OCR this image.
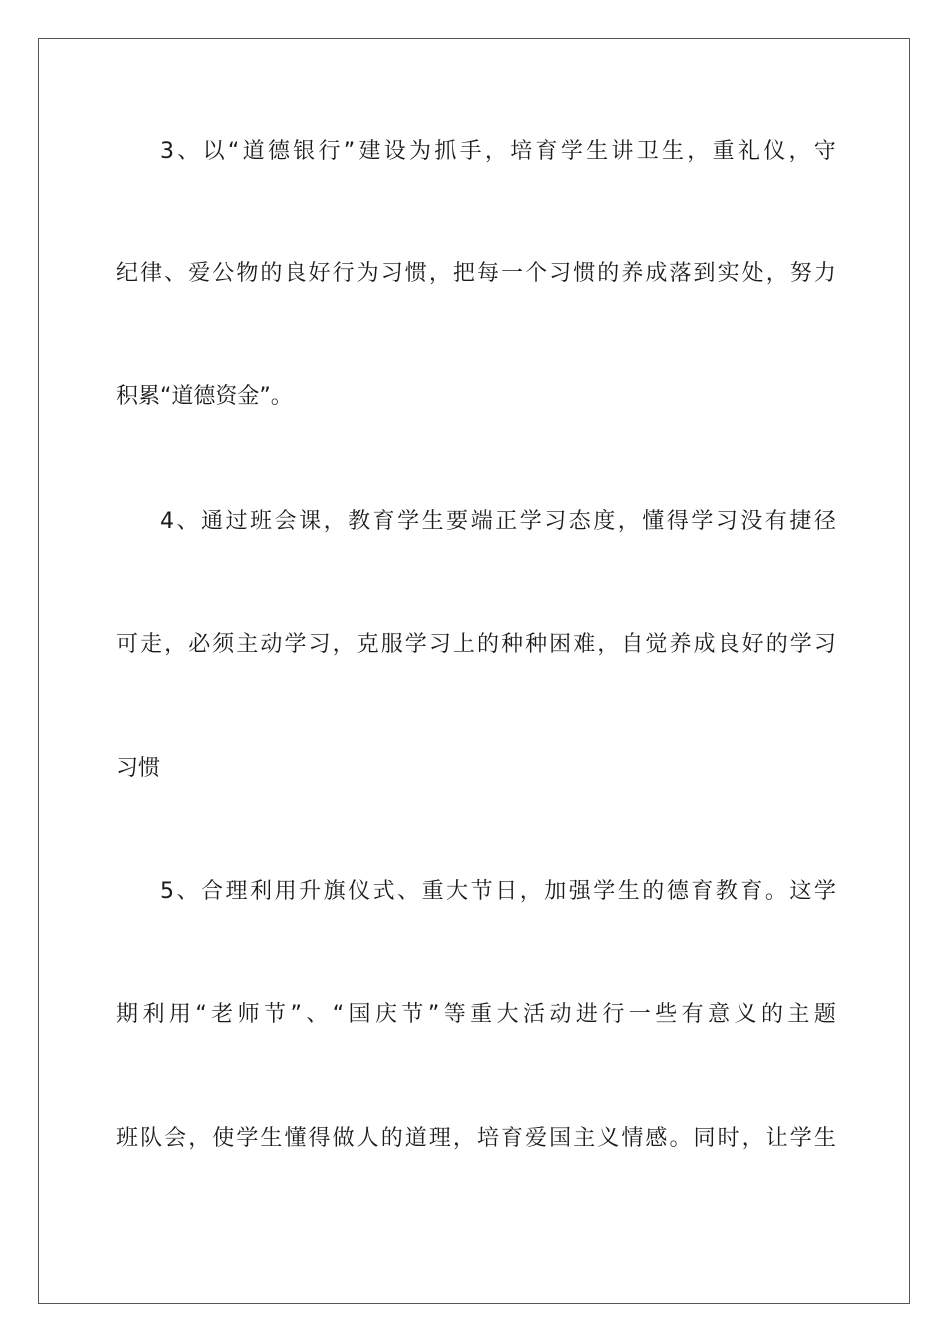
3 、 以 “ 道 德 银 行 ” 建 设 为 抓 手 ， 培 育 学 生 讲 卫 生 ， 重 礼 仪 ， 守
纪 律 、 爱 公 物 的 良 好 行 为 习 惯 ， 把 每 一 个 习 惯 的 养 成 落 到 实 处 ， 努 力
积累“道德资金”。
4 、 通 过 班 会 课 ， 教 育 学 生 要 端 正 学 习 态 度 ， 懂 得 学 习 没 有 捷 径
可 走 ， 必 须 主 动 学 习 ， 克 服 学 习 上 的 种 种 困 难 ， 自 觉 养 成 良 好 的 学 习
习惯
5 、 合 理 利 用 升 旗 仪 式 、 重 大 节 日 ， 加 强 学 生 的 德 育 教 育 。 这 学
期 利 用 “ 老 师 节 ” 、 “ 国 庆 节 ” 等 重 大 活 动 进 行 一 些 有 意 义 的 主 题
班 队 会 ， 使 学 生 懂 得 做 人 的 道 理 ， 培 育 爱 国 主 义 情 感 。 同 时 ， 让 学 生
